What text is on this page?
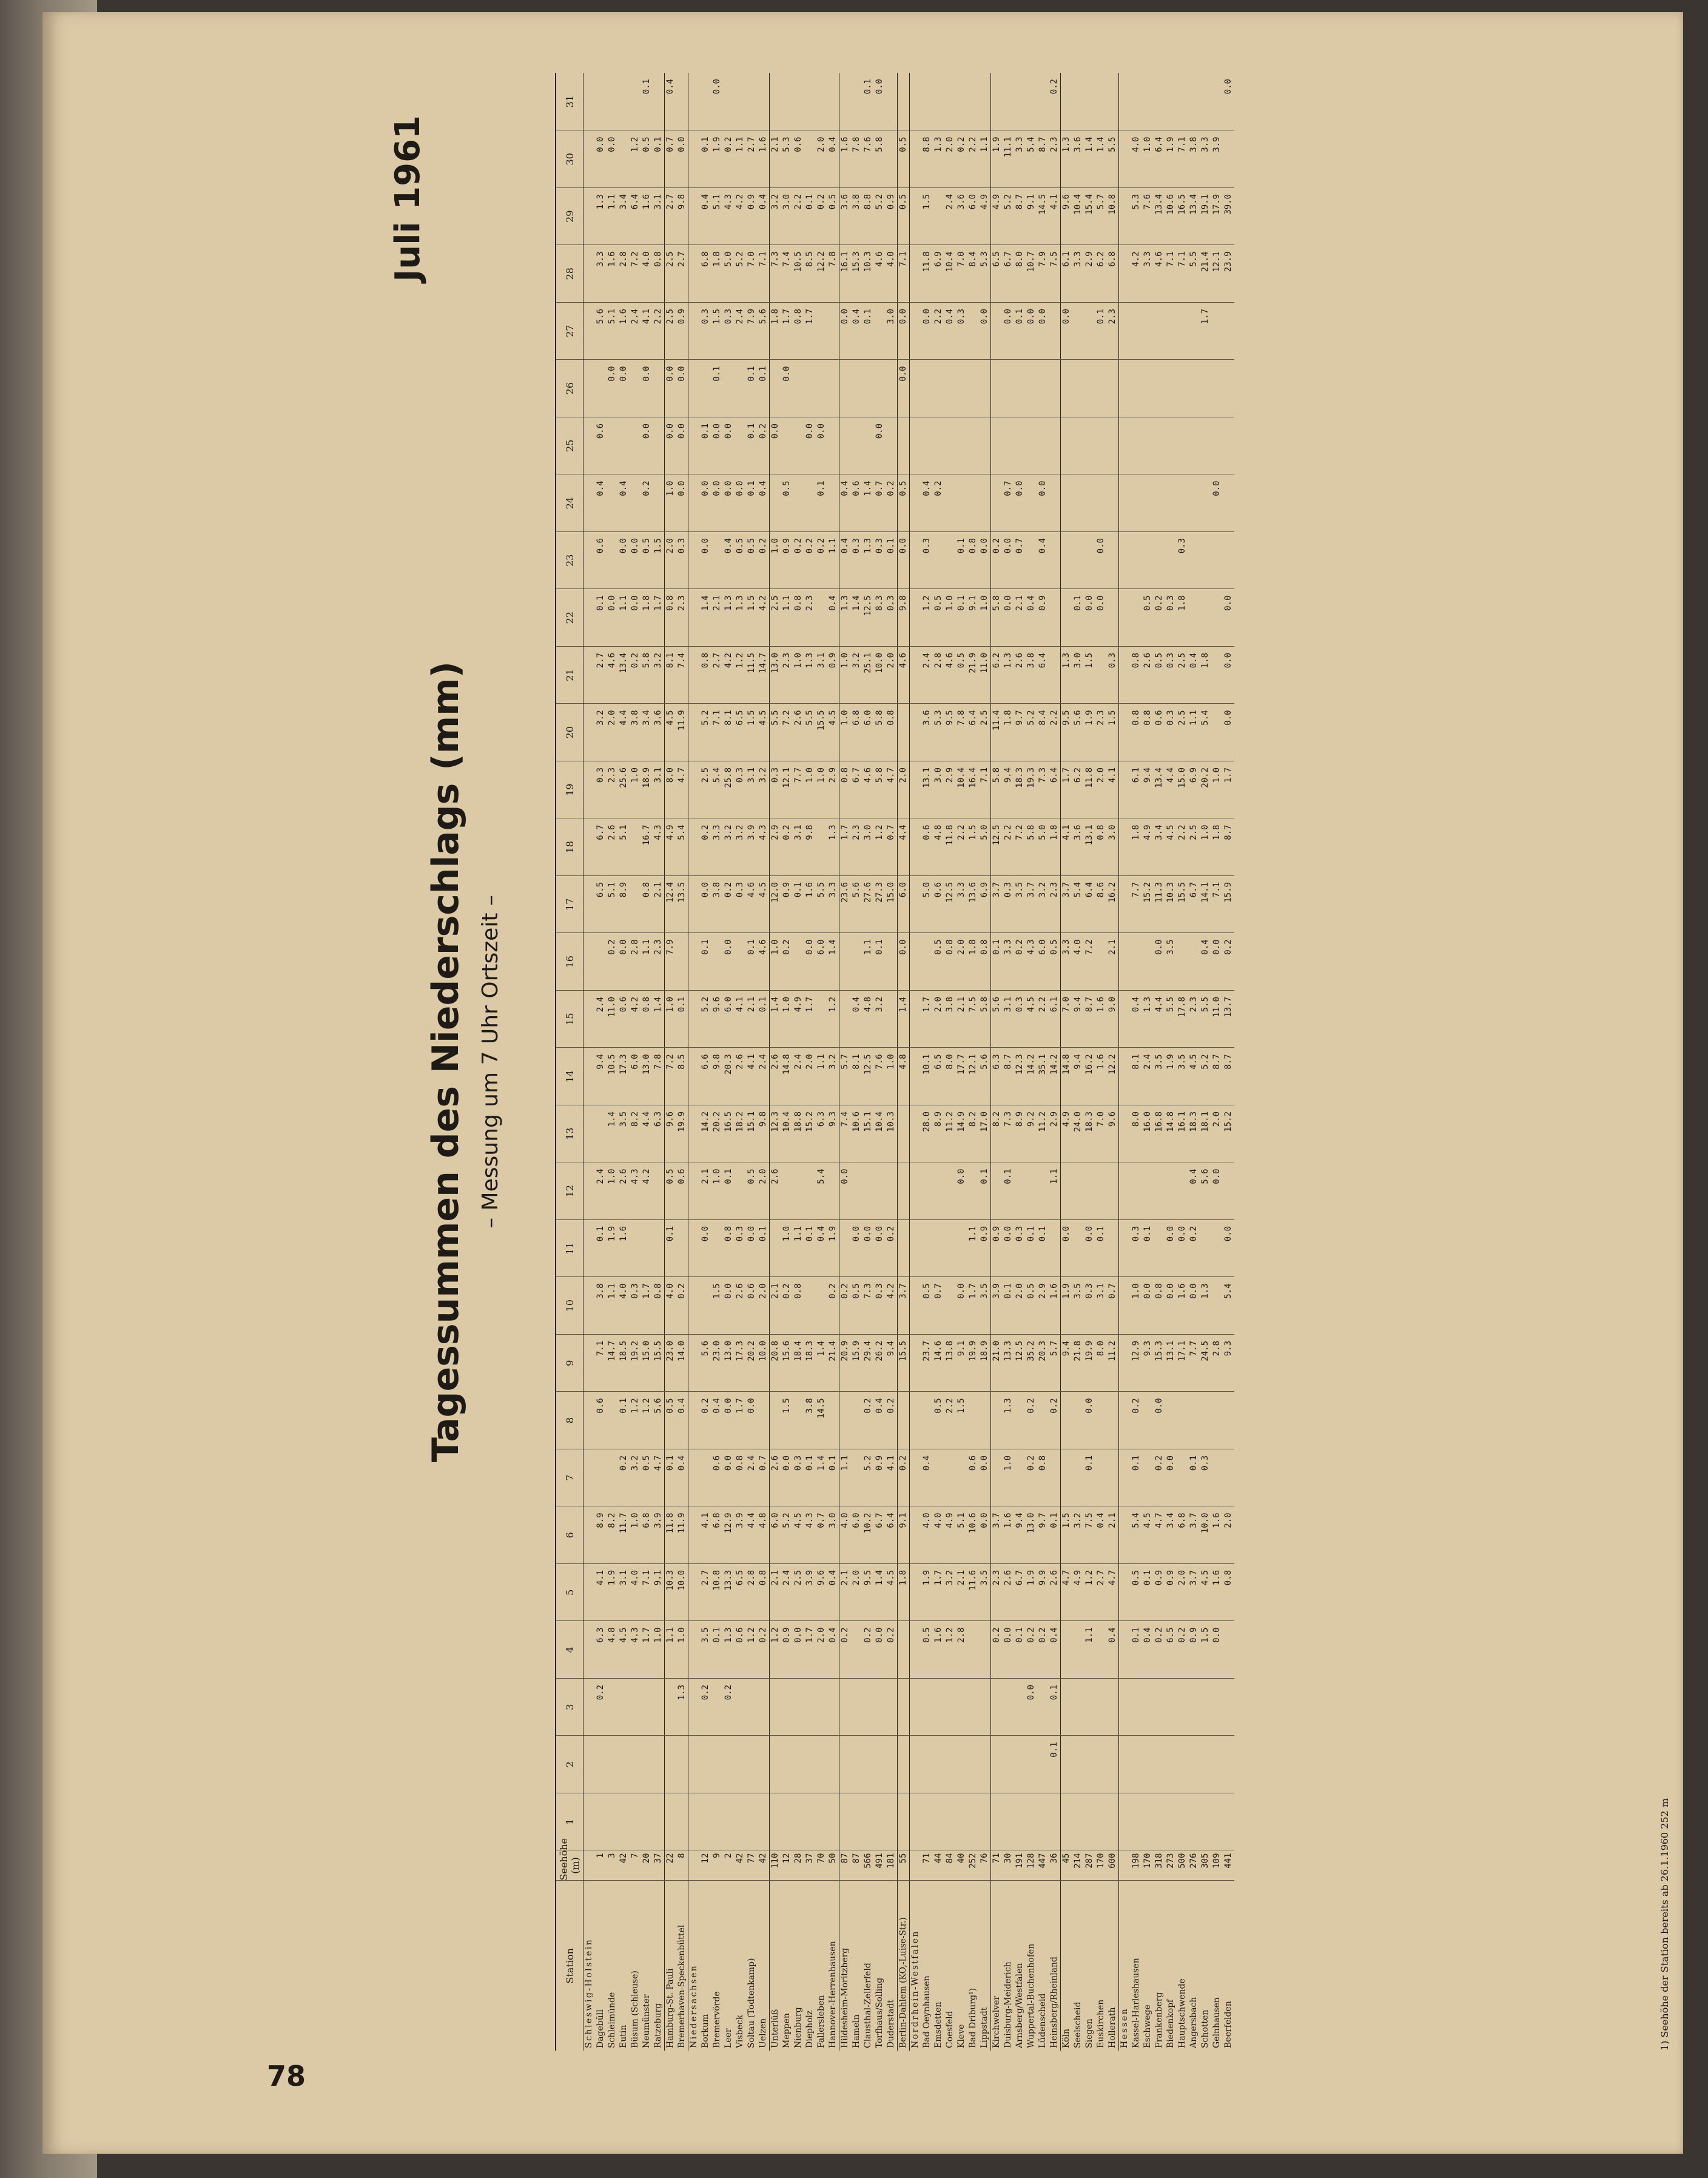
78
Tagessummen des Niederschlags (mm) – Messung um 7 Uhr Ortszeit –
Juli 1961
Station	Seehöhe (m)	1	2	3	4	5	6	7	8	9	10	11	12	13	14	15	16	17	18	19	20	21	22	23	24	25	26	27	28	29	30	31
Schleswig-Holstein																																
Dagebüll	1			0.2	6.3	4.1	8.9		0.6	7.1	3.8	0.1	2.4		9.4	2.4		6.5	6.7	0.3	3.2	2.7	0.1	0.6	0.4	0.6		5.6	3.3	1.3	0.0	
Schleimünde	3				4.8	1.9	8.2			14.7	1.1	1.9	1.0	1.4	10.5	11.0	0.2	5.1	2.6	2.3	2.0	4.6	0.0				0.0	5.1	1.6	1.1	0.0	
Eutin	42				4.5	3.1	11.7	0.2	0.1	18.5	4.0	1.6	2.6	3.5	17.3	0.6	0.0	8.9	5.1	25.6	4.4	13.4	1.1	0.0	0.4		0.0	1.6	2.8	3.4		
Büsum (Schleuse)	7				4.3	4.0	1.0	3.2	1.2	19.2	0.3		4.3	8.2	6.0	4.2	2.8			1.0	3.8	0.2	0.0	0.0				2.4	7.2	6.4	1.2	
Neumünster	20				1.7	7.1	6.8	0.5	1.2	15.0	1.7		4.2	4.4	13.0	0.8	1.1	0.8	16.7	18.9	3.4	5.8	1.8	0.5	0.2	0.0	0.0	4.1	4.0	1.6	0.5	0.1
Ratzeburg	37				1.0	9.1	3.9	4.7	5.6	15.5	0.8			6.3	7.8	1.4	2.3	2.1	4.3	3.1	3.6	3.2	1.7	1.5				2.2	0.8	3.1	0.1	
Hamburg-St. Pauli	22				1.1	10.3	11.8	0.1	0.5	23.0	4.0	0.1	0.5	9.6	7.2	1.0	7.9	12.4	4.9	8.0	4.5	8.1	0.8	2.0	1.0	0.0	0.0	2.5	2.5	2.7	0.7	0.4
Bremerhaven-Speckenbüttel	8			1.3	1.0	10.0	11.9	0.4	0.4	14.0	0.2		0.6	19.9	8.5	0.1		13.5	5.4	4.7	11.9	7.4	2.3	0.3	0.0	0.0	0.0	0.9	2.7	9.8	0.0	
Niedersachsen																																
Borkum	12			0.2	3.5	2.7	4.1		0.2	5.6		0.0	2.1	14.2	6.6	5.2	0.1	0.0	0.2	2.5	5.2	0.8	1.4	0.0	0.0	0.1		0.3	6.8	0.4	0.1	
Bremervörde	9				0.1	10.8	6.8	0.6	0.4	23.0	1.5		1.0	20.2	9.8	9.6		3.8	3.3	5.4	7.1	2.7	2.1		0.0	0.0	0.1	1.5	1.8	5.1	1.9	0.0
Leer	2			0.2	1.3	13.3	12.9	0.0	0.0	13.0	0.0	0.8	0.1	16.5	20.3	6.0	0.0	0.2	3.2	25.8	8.1	4.2	1.3	0.4	0.0	0.0		0.3	5.0	4.3	0.2	
Visbeck	42				0.6	6.5	3.9	0.8	1.7	17.3	2.6	0.3		18.2	2.6	4.1		0.3	3.2	0.3	6.5	1.2	1.3	0.5	0.0			2.4	5.2	4.2	1.1	
Soltau (Todtenkamp)	77				1.2	2.8	4.4	2.4	0.0	20.2	0.6	0.0	0.5	15.1	4.1	2.1	0.1	4.6	3.9	3.1	1.5	11.5	1.5	0.5	0.1	0.1	0.1	7.9	7.0	0.9	2.7	
Uelzen	42				0.2	0.8	4.8	0.7		10.0	2.0	0.1	2.0	9.8	2.4	0.1	4.6	4.5	4.3	3.2	4.5	14.7	4.2	0.2	0.4	0.2	0.1	5.6	7.1	0.4	1.6	
Unterlüß	110				1.2	2.1	6.0	2.6		20.8	2.1		2.6	12.3	2.6	1.4	1.0	12.0	2.9	0.3	5.5	13.0	2.5	1.0		0.0		1.8	7.3	3.2	2.1	
Meppen	12				0.9	2.4	5.2	0.0	1.5	15.6	0.2	1.0		10.4	14.8	1.0	0.2	0.9	0.2	12.1	7.2	2.3	1.1	0.9	0.5		0.0	1.7	7.4	3.0	5.3	
Nienburg	28				0.0	2.5	4.5	0.3		18.4	0.8	1.1		18.8	2.4	4.9		0.1	3.1	7.7	2.6	1.0	0.8	0.2				0.8	10.5	2.2	0.6	
Diepholz	37				1.7	3.9	4.3	0.1	3.8	18.3		0.1		15.2	2.0	1.7	0.0	1.6	9.8	1.0	5.5	1.3	2.3	0.2		0.0		1.7	8.5	0.1		
Fallersleben	70				2.0	9.6	0.7	1.4	14.5	1.4		0.4	5.4	6.3	1.1		6.0	5.5		1.0	15.5	3.1		0.2	0.1	0.0			12.2	0.2	2.0	
Hannover-Herrenhausen	50				0.4	0.4	3.0	0.1		21.4	0.2	1.9		9.3	3.2	1.2	1.4	3.3	1.3	2.9	4.5	0.9	0.4	1.1					7.8	0.5	0.4	
Hildesheim-Moritzberg	87				0.2	2.1	4.0	1.1		20.9	0.2		0.0	7.4	5.7			23.6	1.7	0.8	1.0	1.0	1.3	0.4	0.4			0.0	16.1	3.6	1.6	
Hameln	87					2.0	6.0			15.9	0.5	0.0		10.6	8.1	0.4		5.6	2.3	6.7	6.8	3.2	1.4	0.3	0.6			0.4	15.3	3.8	7.8	
Clausthal-Zellerfeld	566				0.2	9.5	10.2	5.2	0.2	29.4	7.3	0.0		15.1	12.5	4.8	1.1	27.6	3.0	4.6	6.0	25.1	12.5	1.3	1.4			0.1	10.3	8.8	7.6	0.1
Torfhaus/Solling	491				0.0	1.4	6.7	0.9	0.4	26.2	0.3	0.0		10.4	7.6	3.2	0.1	27.3	1.2	5.8	5.8	10.0	8.3	0.3	0.7	0.0			4.6	5.2	5.8	0.0
Duderstadt	181				0.2	4.5	6.4	4.1	0.2	9.4	4.2	0.2		10.3	1.0			15.0	0.7	4.7	0.8	2.0	0.3	0.1	0.2			3.0	4.0	0.9		
Berlin-Dahlem (KO,-Luise-Str.)	55					1.8	9.1	0.2		15.5	3.7				4.8	1.4	0.0	6.0	4.4	2.0		4.6	9.8	0.0	0.5		0.0	0.0	7.1	0.5	0.5	
Nordrhein-Westfalen																																
Bad Oeynhausen	71				0.5	1.9	4.0	0.4		23.7	0.5			28.0	10.1	1.7		5.0	0.6	13.1	3.6	2.4	1.2	0.3	0.4			0.0	11.8	1.5	8.8	
Emsdetten	44				1.6	1.7	4.0		0.5	14.6	0.7			8.9	6.5	2.0	0.5	0.6	4.8	3.0	5.3	2.8	0.5		0.2			2.2	6.9		1.3	
Coesfeld	84				1.2	3.2	4.9		2.2	13.8				11.2	8.0	3.8	0.8	12.5	11.8	2.9	9.5	4.6	1.0					0.4	10.4	2.4	2.0	
Kleve	40				2.8	2.1	5.1		1.5	9.1	0.0		0.0	14.9	17.7	2.1	2.0	3.3	2.2	10.4	7.8	0.5	0.1	0.1				0.3	7.0	3.6	0.2	
Bad Driburg¹)	252					11.6	10.6	0.6		19.9	1.7	1.1		8.2	12.1	7.5	1.8	13.6	1.5	16.4	6.4	21.9	9.1	0.8					8.4	6.0	2.2	
Lippstadt	76					3.5	0.0	0.0		18.9	3.5	0.9	0.1	17.0	5.6	5.8	0.8	6.9	5.0	7.1	2.5	11.0	1.0	0.0				0.0	5.3	4.9	1.1	
Kirchwelver	71				0.2	2.3	3.7			21.0	3.9	0.9		8.2	6.3	5.6	0.1	3.7	12.5	5.8	11.4	6.2	5.8	0.2					6.5	4.9	1.9	
Duisburg-Meiderich	30				0.0	2.6	1.6	1.0	1.3	13.3	0.1	0.0	0.1	7.3	8.7	3.1	3.3	0.3	2.2	9.4	1.8	1.3	0.0	0.0	0.7			0.0	6.7	5.2	11.1	
Arnsberg/Westfalen	191				0.1	6.7	9.4			12.5	2.0	0.3		8.9	12.3	0.3	0.2	3.5	7.2	18.3	9.7	2.6	2.1	0.7	0.0			0.1	8.0	8.7	3.3	
Wuppertal-Buchenhofen	128			0.0	0.2	1.9	13.0	0.2	0.2	35.2	0.5	0.1		9.2	14.2	4.5	4.3	3.7	5.8	19.3	5.2	3.8	0.4					0.0	10.7	9.1	5.4	
Lüdenscheid	447				0.2	9.9	9.7	0.8		20.3	2.9	0.1		11.2	35.1	2.2	6.0	3.2	5.0	7.3	8.4	6.4	0.9	0.4	0.0			0.0	7.9	14.5	8.7	
Heinsberg/Rheinland	36		0.1	0.1	0.4	2.6	0.1		0.2	5.7	1.6		1.1	2.9	14.2	6.1	0.5	2.3	1.8	6.4	2.2								7.5	4.1	2.3	0.2
Köln	45					4.7	1.5			9.4	1.9	0.0		4.9	14.8	7.0	3.3	3.7	4.1	1.7	9.5	1.3						0.0	6.1	9.6	1.3	
Seelscheid	214					4.9	3.2			21.8	3.5			24.0	9.4	9.4	4.0	5.4	3.6	6.2	5.6	3.0	0.1						3.3	10.4	3.6	
Siegen	287				1.1	1.2	7.5	0.1	0.0	19.9	0.3	0.0		18.3	16.2	8.7	7.2	6.4	13.1	11.8	1.9	1.5	0.0						2.9	15.4	1.4	
Euskirchen	170					2.7	0.4			8.0	3.1	0.1		7.0	1.6	1.6		8.6	0.8	2.0	2.3		0.0	0.0				0.1	6.2	5.7	1.4	
Hollerath	600				0.4	4.7	2.1			11.2	0.7			9.6	12.2	9.0	2.1	16.2	3.0	4.1	1.5	0.3						2.3	6.8	10.8	5.5	
Hessen																																
Kassel-Harleshausen	198				0.1	0.5	5.4	0.1	0.2	12.9	1.0	0.3		8.0	8.1	0.4		7.7	1.8	6.1	0.8	0.8							4.2	5.3	4.0	
Eschwege	170				0.4	0.1	4.5			9.3	0.0	0.1		16.0	2.4	1.3		15.2	4.9	9.4	0.8	2.6	0.5						3.3	7.6	1.0	
Frankenberg	318				0.2	0.9	4.7	0.2	0.0	15.3	0.8			16.8	3.5	4.4	0.0	11.3	3.4	13.4	0.6	0.5	0.2						4.6	13.4	6.4	
Biedenkopf	273				6.5	0.9	3.4	0.0		13.1	0.0	0.0		14.8	1.9	5.5	3.5	10.3	4.5	4.4	0.3	0.3	0.3						7.1	10.6	1.9	
Hauptschwende	500				0.2	2.0	6.8			17.1	1.6	0.0		16.1	3.5	17.8		15.5	2.2	15.0	2.5	2.5	1.8	0.3					7.1	16.5	7.1	
Angersbach	276				0.9	3.7	3.7	0.1		7.7	0.0	0.2	0.4	18.3	4.5	2.3		6.7	2.5	6.9	1.1	0.4							5.5	13.4	3.8	
Schotten	305				1.5	4.5	10.0	0.3		24.5	1.3		5.6	18.1	5.2	5.5	0.4	14.1	1.0	20.2	5.4	1.8						1.7	21.4	19.1	3.3	
Gelnhausen	109				0.0	1.6	1.6			2.8			0.0	2.0	8.7	11.0	0.0	7.1	1.8	1.0					0.0				12.1	17.9	3.9	
Beerfelden	441					0.8	2.0			9.3	5.4	0.0		15.2	8.7	13.7	0.2	15.9	8.7	1.7	0.0	0.0	0.0						23.9	39.0		0.0
1) Seehöhe der Station bereits ab 26.1.1960 252 m
